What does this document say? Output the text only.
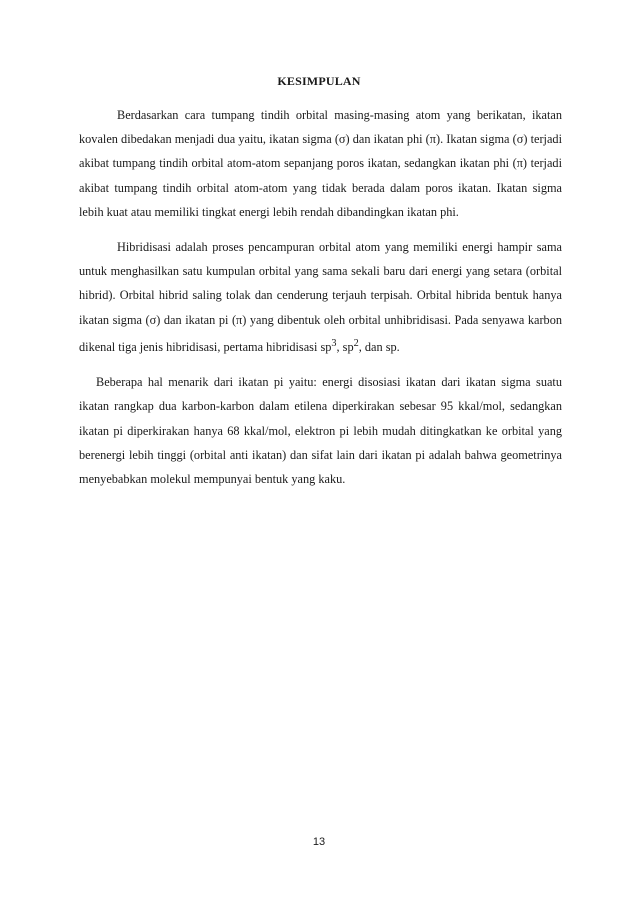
KESIMPULAN

Berdasarkan cara tumpang tindih orbital masing-masing atom yang berikatan, ikatan kovalen dibedakan menjadi dua yaitu, ikatan sigma (σ) dan ikatan phi (π). Ikatan sigma (σ) terjadi akibat tumpang tindih orbital atom-atom sepanjang poros ikatan, sedangkan ikatan phi (π) terjadi akibat tumpang tindih orbital atom-atom yang tidak berada dalam poros ikatan. Ikatan sigma lebih kuat atau memiliki tingkat energi lebih rendah dibandingkan ikatan phi.

Hibridisasi adalah proses pencampuran orbital atom yang memiliki energi hampir sama untuk menghasilkan satu kumpulan orbital yang sama sekali baru dari energi yang setara (orbital hibrid). Orbital hibrid saling tolak dan cenderung terjauh terpisah. Orbital hibrida bentuk hanya ikatan sigma (σ) dan ikatan pi (π) yang dibentuk oleh orbital unhibridisasi. Pada senyawa karbon dikenal tiga jenis hibridisasi, pertama hibridisasi $sp^3$, $sp^2$, dan sp.

Beberapa hal menarik dari ikatan pi yaitu: energi disosiasi ikatan dari ikatan sigma suatu ikatan rangkap dua karbon-karbon dalam etilena diperkirakan sebesar 95 kkal/mol, sedangkan ikatan pi diperkirakan hanya 68 kkal/mol, elektron pi lebih mudah ditingkatkan ke orbital yang berenergi lebih tinggi (orbital anti ikatan) dan sifat lain dari ikatan pi adalah bahwa geometrinya menyebabkan molekul mempunyai bentuk yang kaku.

13
